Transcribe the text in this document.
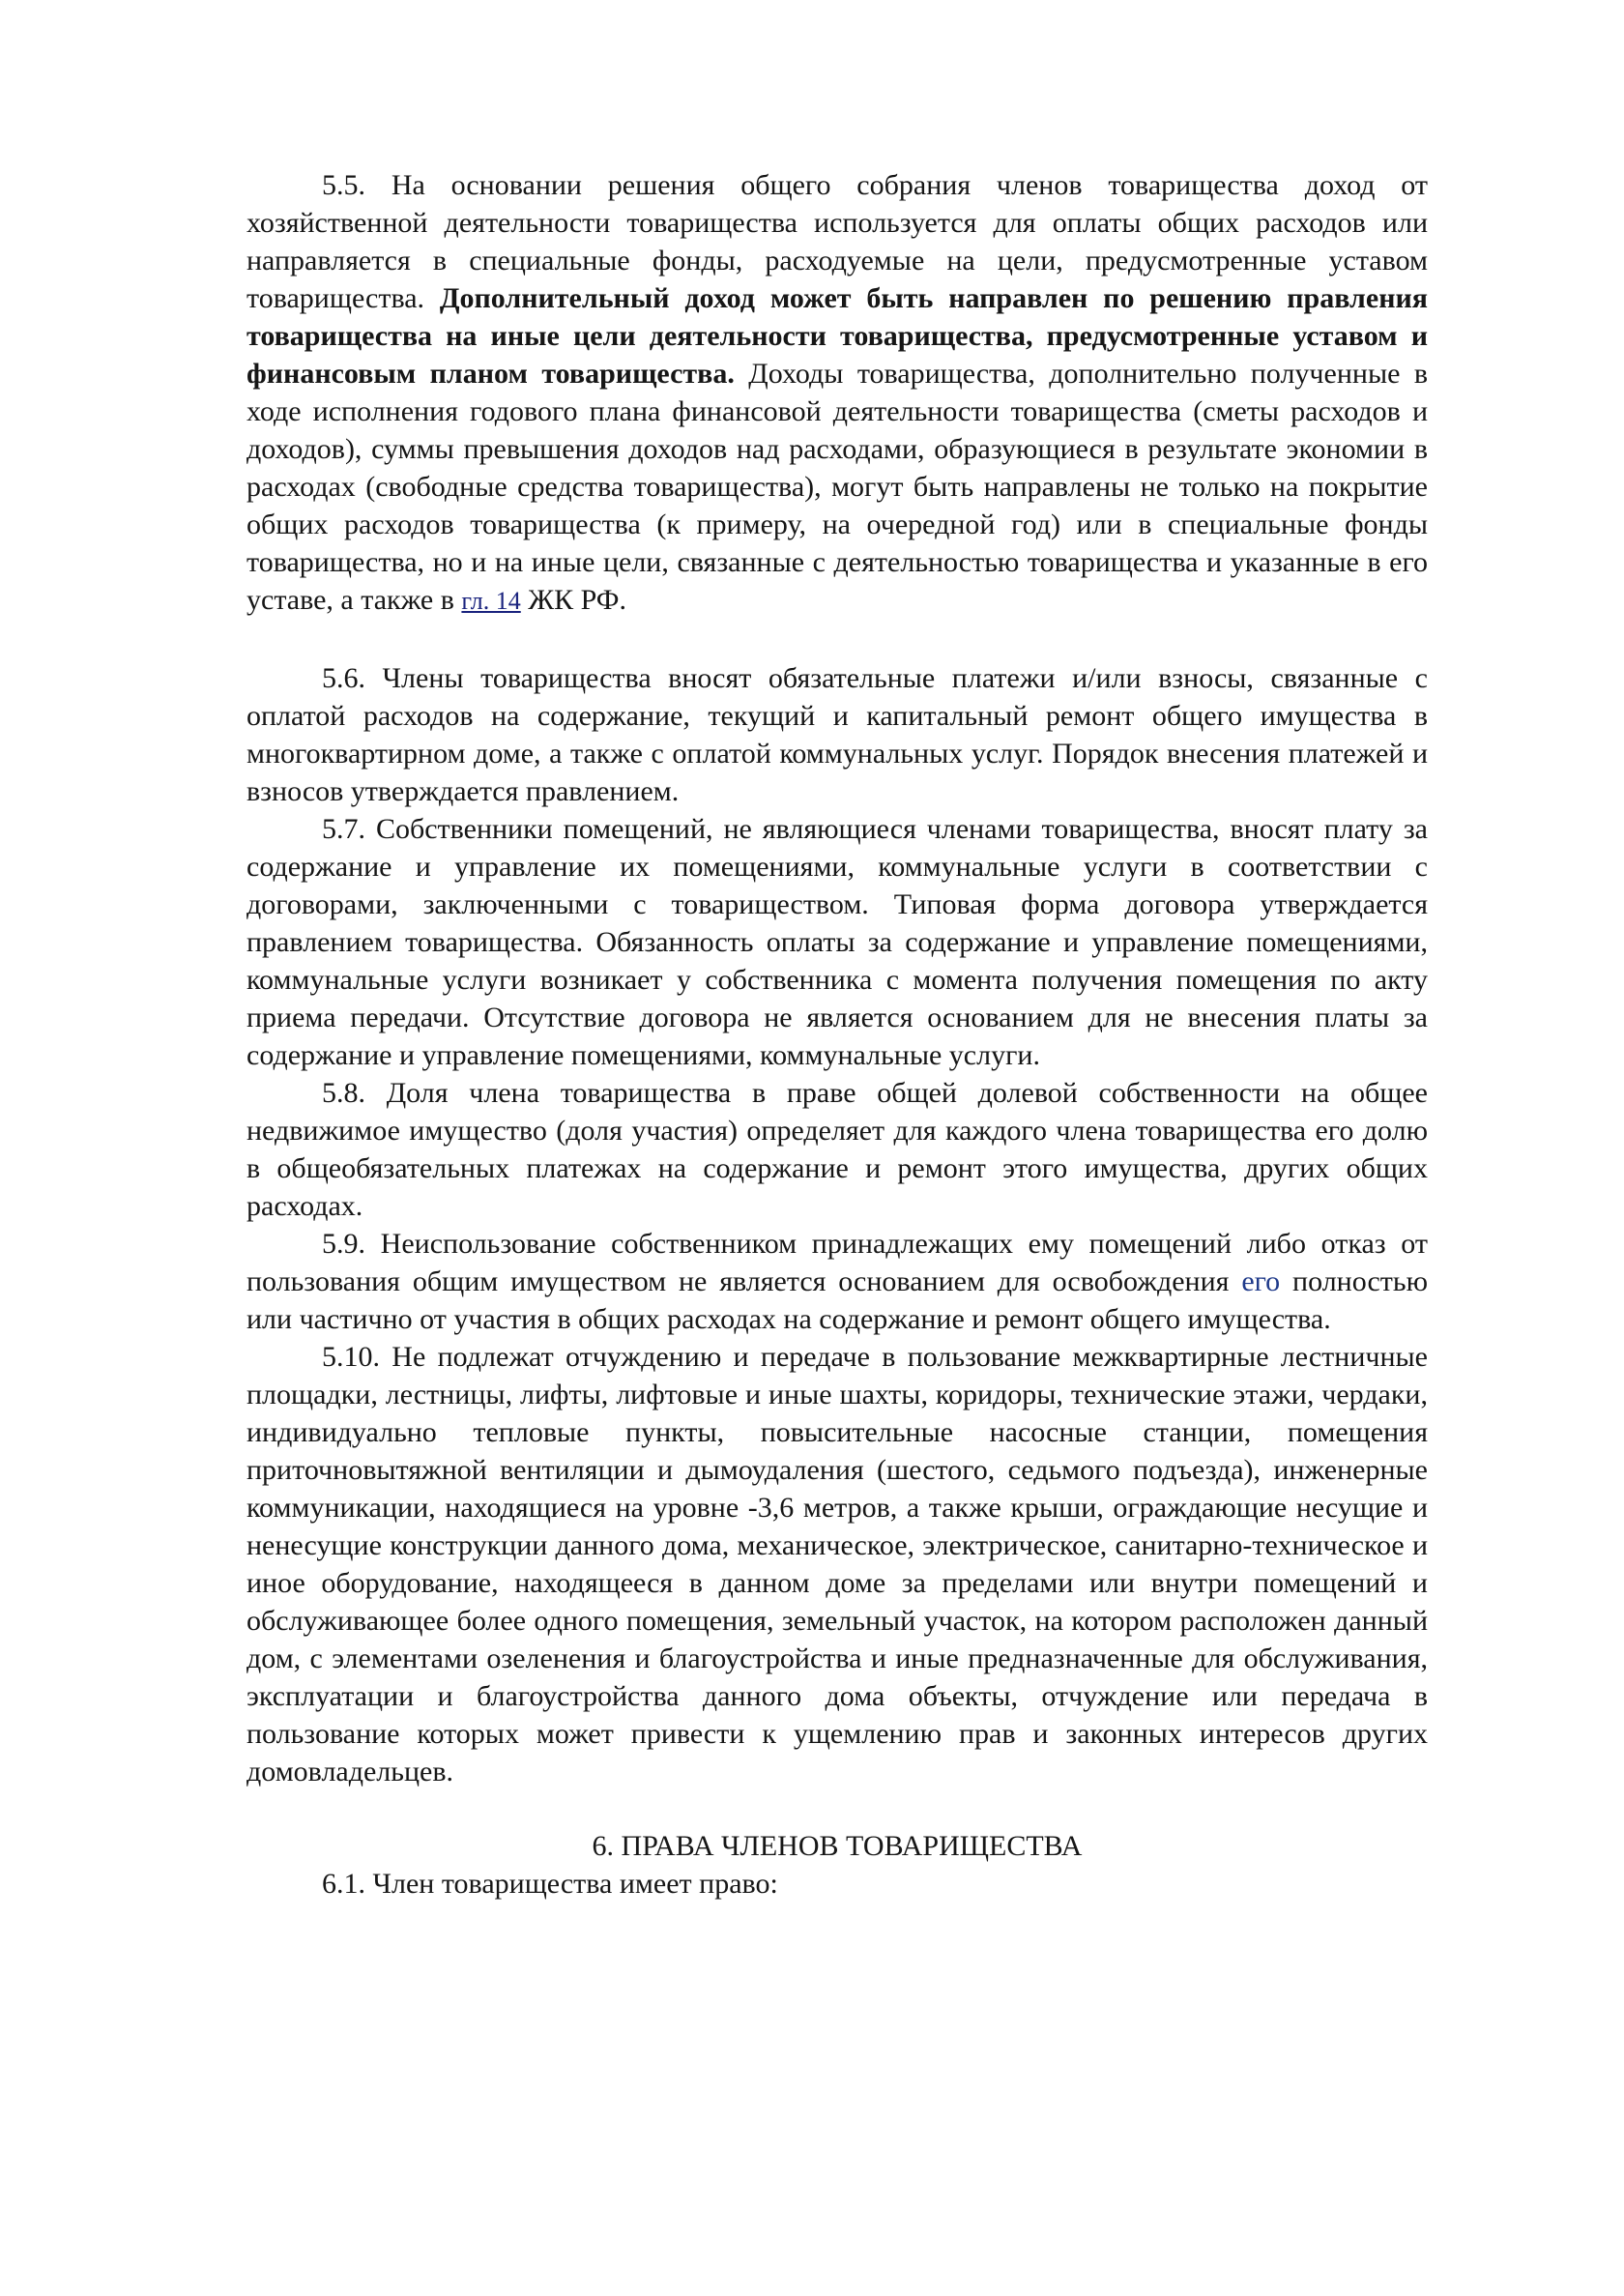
5.5. На основании решения общего собрания членов товарищества доход от хозяйственной деятельности товарищества используется для оплаты общих расходов или направляется в специальные фонды, расходуемые на цели, предусмотренные уставом товарищества. Дополнительный доход может быть направлен по решению правления товарищества на иные цели деятельности товарищества, предусмотренные уставом и финансовым планом товарищества. Доходы товарищества, дополнительно полученные в ходе исполнения годового плана финансовой деятельности товарищества (сметы расходов и доходов), суммы превышения доходов над расходами, образующиеся в результате экономии в расходах (свободные средства товарищества), могут быть направлены не только на покрытие общих расходов товарищества (к примеру, на очередной год) или в специальные фонды товарищества, но и на иные цели, связанные с деятельностью товарищества и указанные в его уставе, а также в гл. 14 ЖК РФ.

5.6. Члены товарищества вносят обязательные платежи и/или взносы, связанные с оплатой расходов на содержание, текущий и капитальный ремонт общего имущества в многоквартирном доме, а также с оплатой коммунальных услуг. Порядок внесения платежей и взносов утверждается правлением.

5.7. Собственники помещений, не являющиеся членами товарищества, вносят плату за содержание и управление их помещениями, коммунальные услуги в соответствии с договорами, заключенными с товариществом. Типовая форма договора утверждается правлением товарищества. Обязанность оплаты за содержание и управление помещениями, коммунальные услуги возникает у собственника с момента получения помещения по акту приема передачи. Отсутствие договора не является основанием для не внесения платы за содержание и управление помещениями, коммунальные услуги.

5.8. Доля члена товарищества в праве общей долевой собственности на общее недвижимое имущество (доля участия) определяет для каждого члена товарищества его долю в общеобязательных платежах на содержание и ремонт этого имущества, других общих расходах.

5.9. Неиспользование собственником принадлежащих ему помещений либо отказ от пользования общим имуществом не является основанием для освобождения его полностью или частично от участия в общих расходах на содержание и ремонт общего имущества.

5.10. Не подлежат отчуждению и передаче в пользование межквартирные лестничные площадки, лестницы, лифты, лифтовые и иные шахты, коридоры, технические этажи, чердаки, индивидуально тепловые пункты, повысительные насосные станции, помещения приточновытяжной вентиляции и дымоудаления (шестого, седьмого подъезда), инженерные коммуникации, находящиеся на уровне -3,6 метров, а также крыши, ограждающие несущие и ненесущие конструкции данного дома, механическое, электрическое, санитарно-техническое и иное оборудование, находящееся в данном доме за пределами или внутри помещений и обслуживающее более одного помещения, земельный участок, на котором расположен данный дом, с элементами озеленения и благоустройства и иные предназначенные для обслуживания, эксплуатации и благоустройства данного дома объекты, отчуждение или передача в пользование которых может привести к ущемлению прав и законных интересов других домовладельцев.

6. ПРАВА ЧЛЕНОВ ТОВАРИЩЕСТВА

6.1. Член товарищества имеет право:
